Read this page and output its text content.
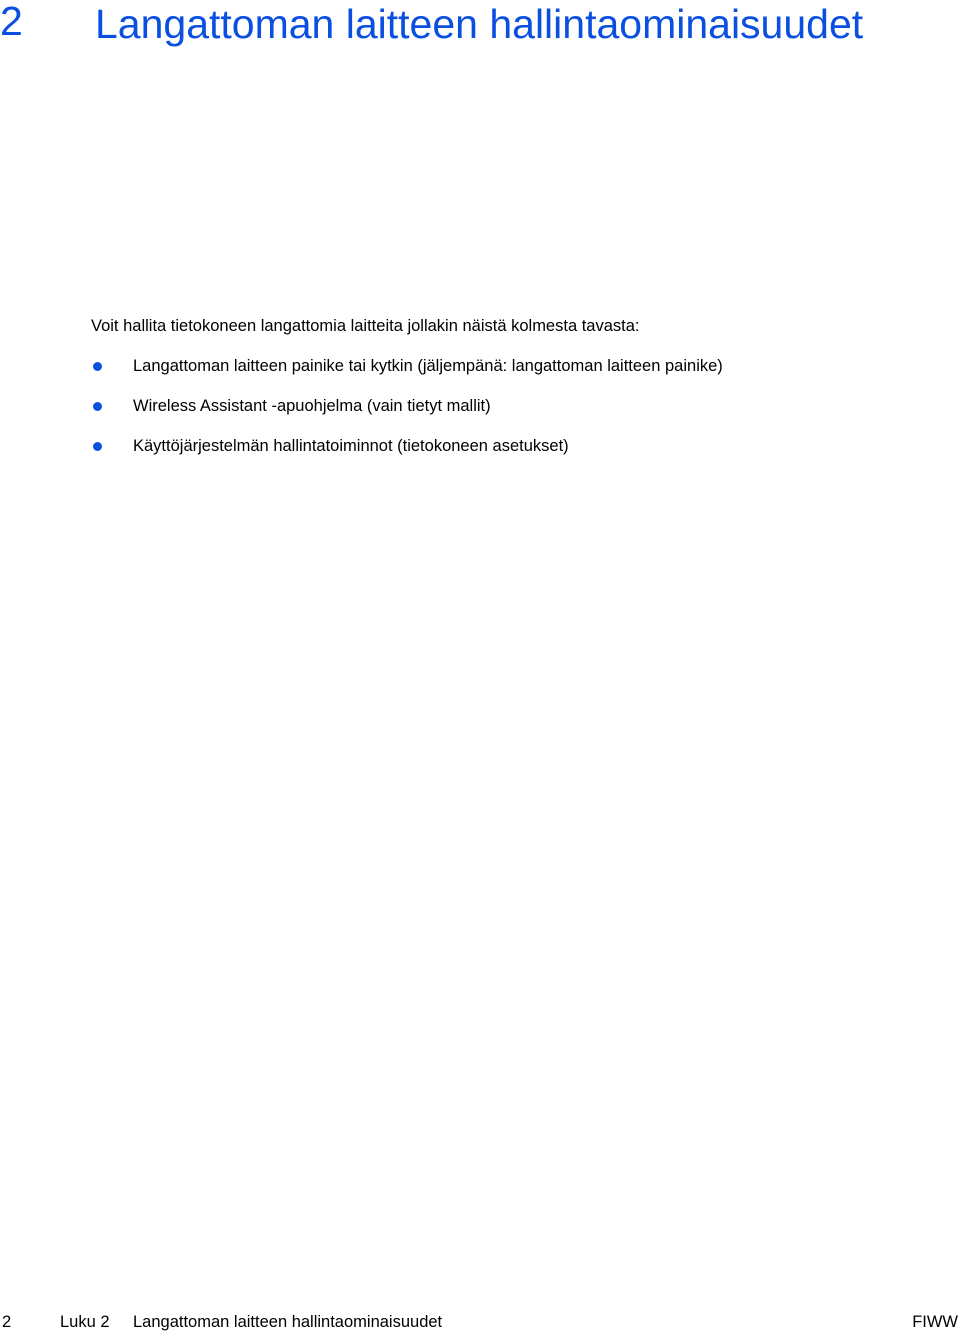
2 Langattoman laitteen hallintaominaisuudet

Voit hallita tietokoneen langattomia laitteita jollakin näistä kolmesta tavasta:

Langattoman laitteen painike tai kytkin (jäljempänä: langattoman laitteen painike)
Wireless Assistant -apuohjelma (vain tietyt mallit)
Käyttöjärjestelmän hallintatoiminnot (tietokoneen asetukset)
2	Luku 2 Langattoman laitteen hallintaominaisuudet	FIWW
